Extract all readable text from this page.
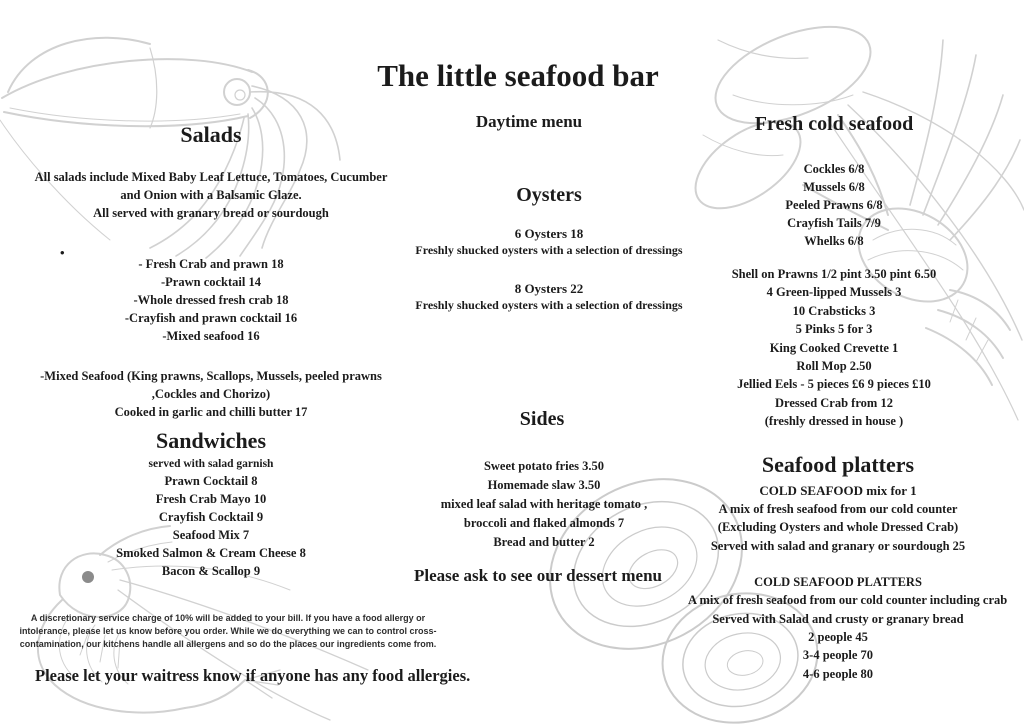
The little seafood bar
Daytime menu
Salads
All salads include Mixed Baby Leaf Lettuce, Tomatoes, Cucumber
and Onion with a Balsamic Glaze.
All served with granary bread or sourdough
- Fresh Crab and prawn 18
-Prawn cocktail 14
-Whole dressed fresh crab 18
-Crayfish and prawn cocktail 16
-Mixed seafood 16
-Mixed Seafood (King prawns, Scallops, Mussels, peeled prawns
,Cockles and Chorizo)
Cooked in garlic and chilli butter 17
•
Sandwiches
served with salad garnish
Prawn Cocktail 8
Fresh Crab Mayo 10
Crayfish Cocktail 9
Seafood Mix 7
Smoked Salmon & Cream Cheese 8
Bacon & Scallop 9
A discretionary service charge of 10% will be added to your bill. If you have a food allergy or
intolerance, please let us know before you order. While we do everything we can to control cross-
contamination, our kitchens handle all allergens and so do the places our ingredients come from.
Please let your waitress know if anyone has any food allergies.
Oysters
6 Oysters 18
Freshly shucked oysters with a selection of dressings
8 Oysters 22
Freshly shucked oysters with a selection of dressings
Sides
Sweet potato fries 3.50
Homemade slaw 3.50
mixed leaf salad with heritage tomato ,
broccoli and flaked almonds 7
Bread and butter 2
Please ask to see our dessert menu
Fresh cold seafood
Cockles 6/8
Mussels 6/8
Peeled Prawns 6/8
Crayfish Tails 7/9
Whelks 6/8
Shell on Prawns 1/2 pint 3.50 pint 6.50
4 Green-lipped Mussels 3
10 Crabsticks 3
5 Pinks 5 for 3
King Cooked Crevette 1
Roll Mop 2.50
Jellied Eels - 5 pieces £6 9 pieces £10
Dressed Crab from 12
(freshly dressed in house )
Seafood platters
COLD SEAFOOD mix for 1
A mix of fresh seafood from our cold counter
(Excluding Oysters and whole Dressed Crab)
Served with salad and granary or sourdough 25
COLD SEAFOOD PLATTERS
A mix of fresh seafood from our cold counter including crab
Served with Salad and crusty or granary bread
2 people 45
3-4 people 70
4-6 people 80
